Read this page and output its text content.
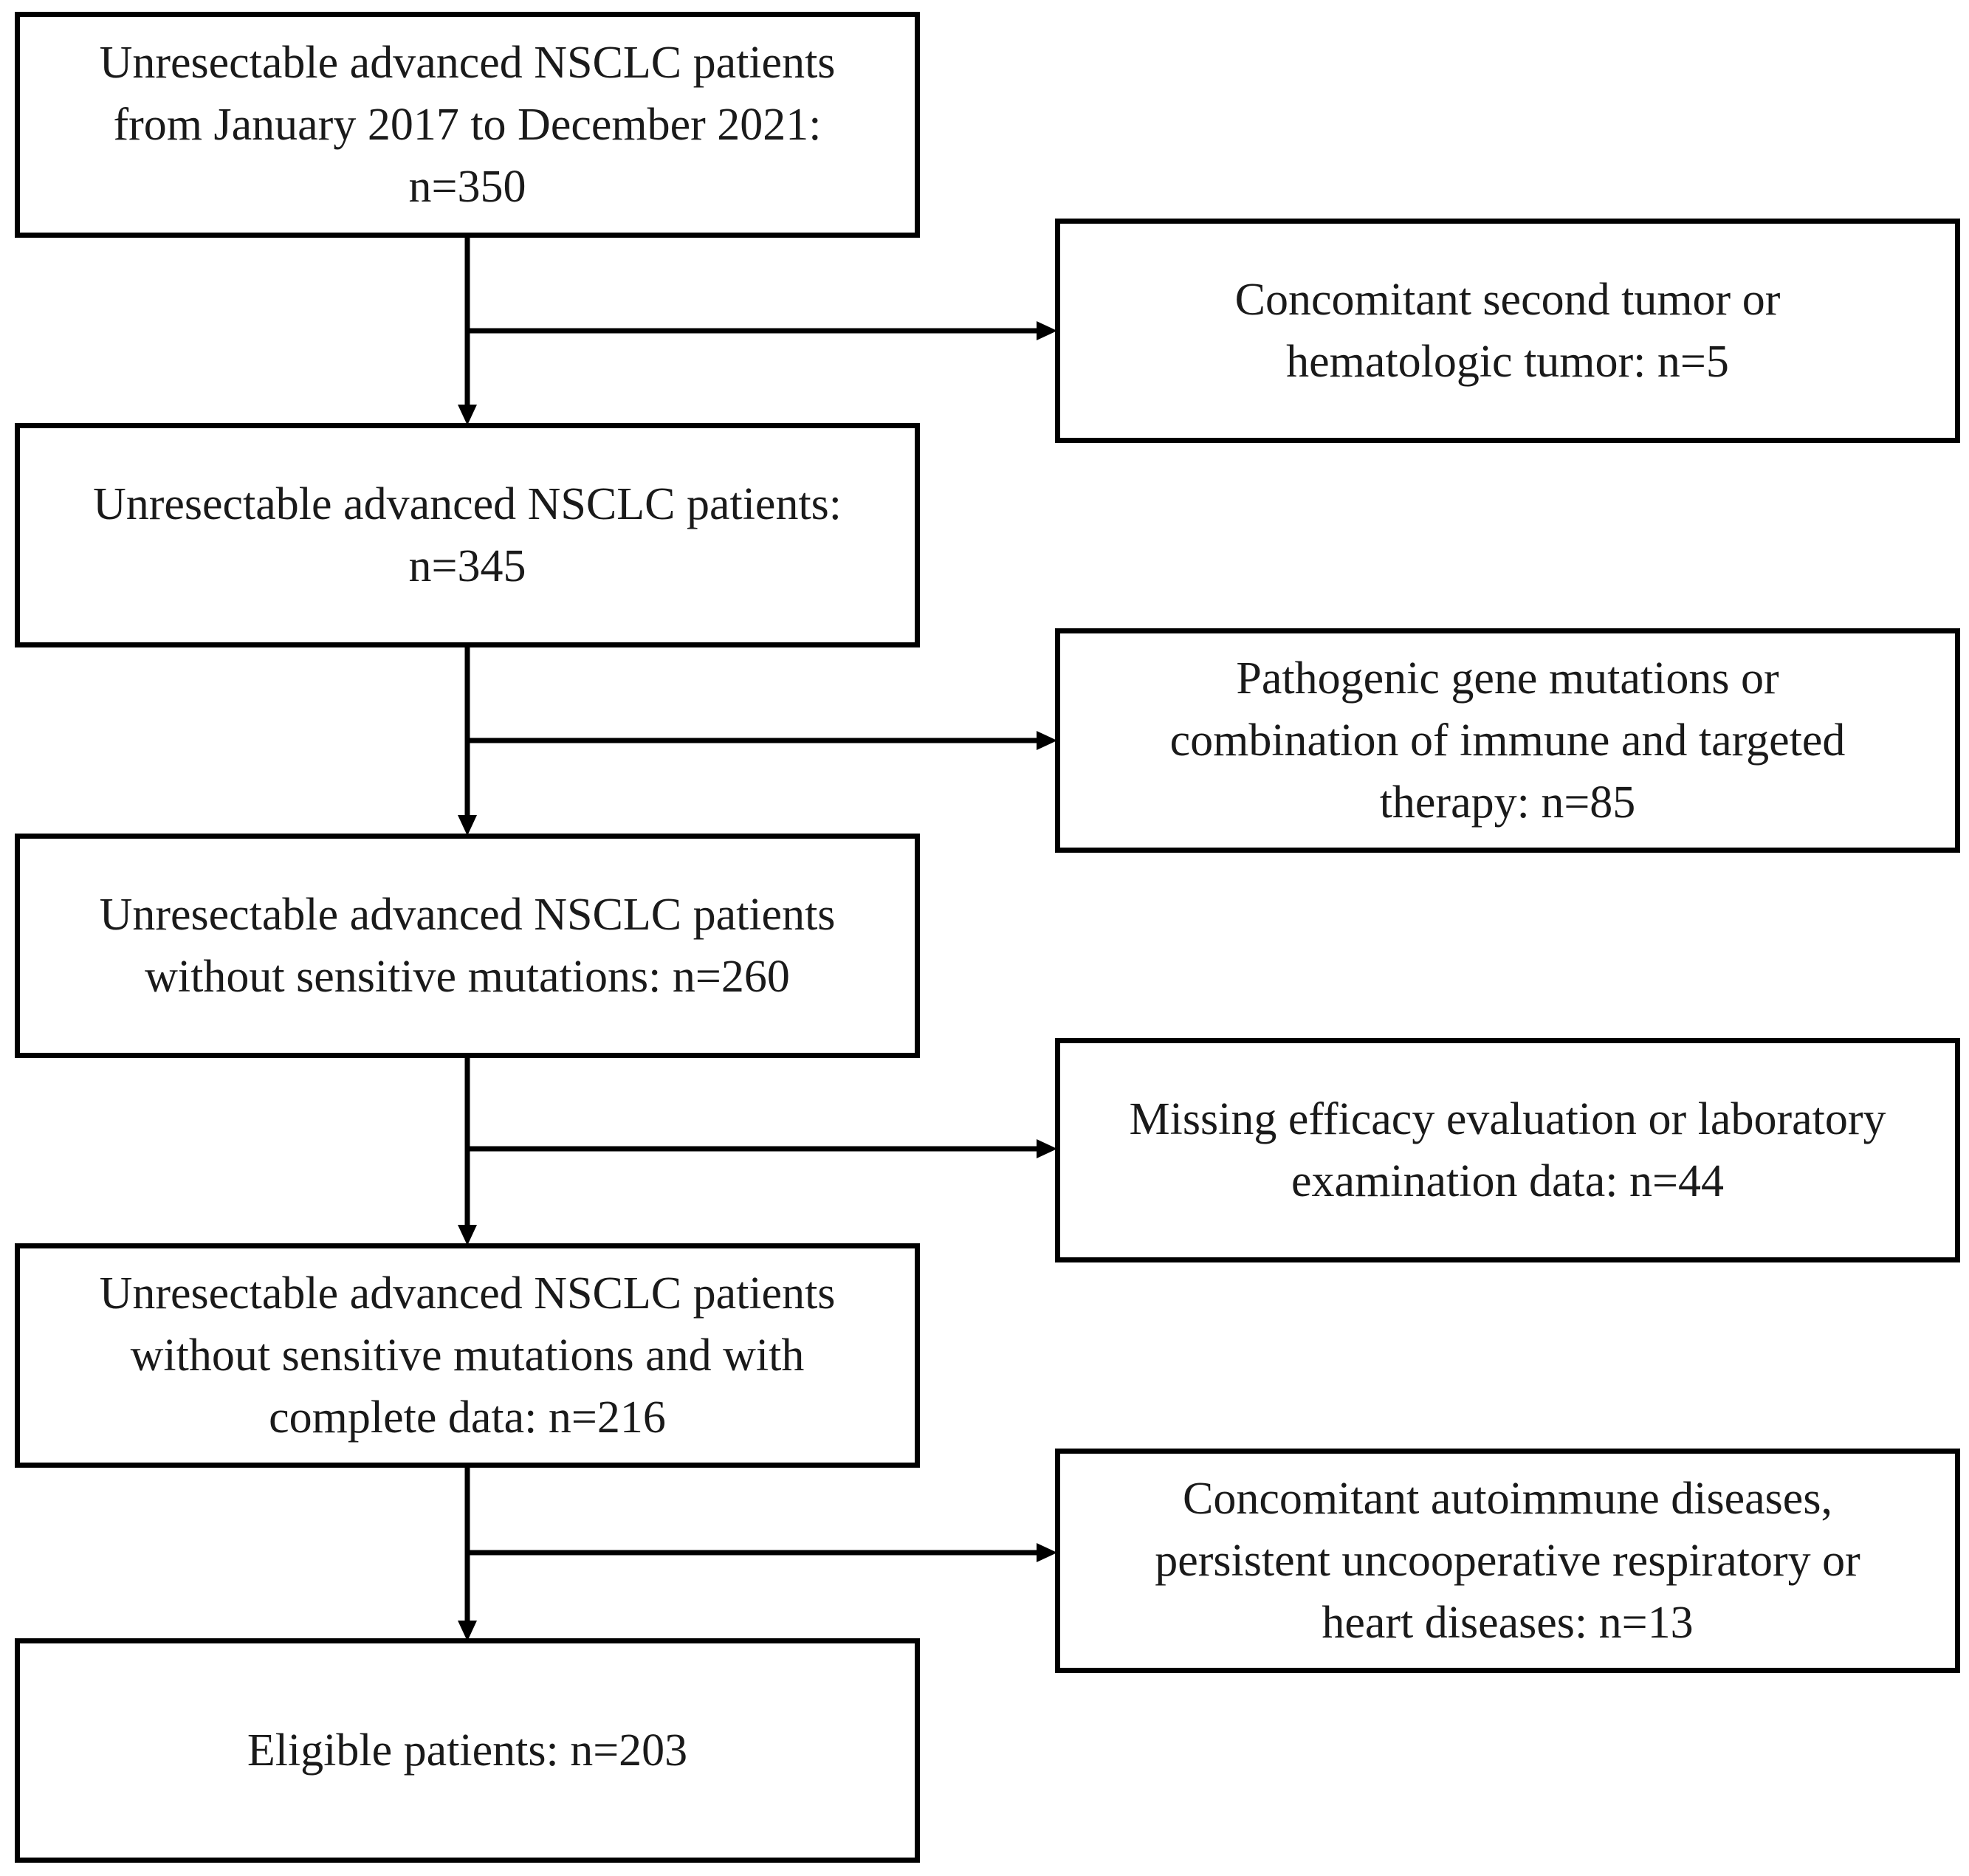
Unresectable advanced NSCLC patients
from January 2017 to December 2021:
n=350
Unresectable advanced NSCLC patients:
n=345
Unresectable advanced NSCLC patients
without sensitive mutations: n=260
Unresectable advanced NSCLC patients
without sensitive mutations and with
complete data: n=216
Eligible patients: n=203
Concomitant second tumor or
hematologic tumor: n=5
Pathogenic gene mutations or
combination of immune and targeted
therapy: n=85
Missing efficacy evaluation or laboratory
examination data: n=44
Concomitant autoimmune diseases,
persistent uncooperative respiratory or
heart diseases: n=13
